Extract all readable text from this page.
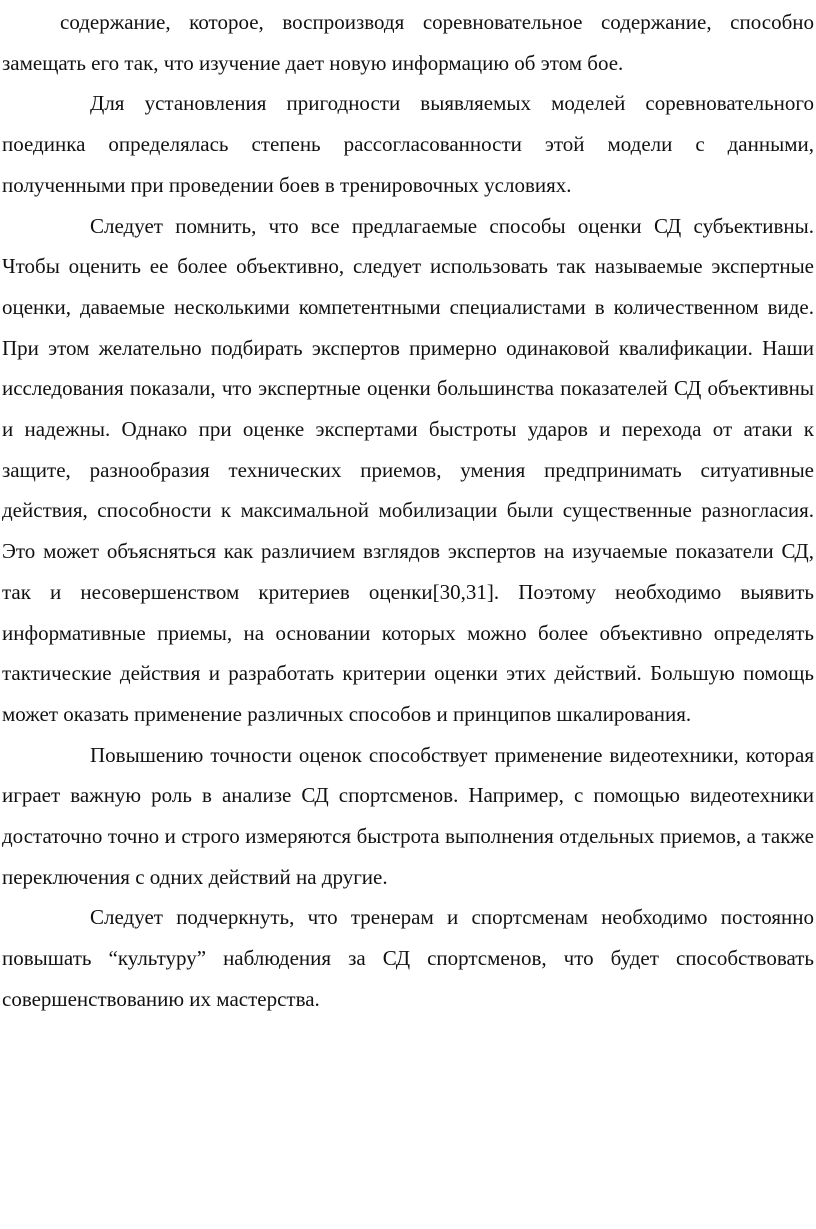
содержание, которое, воспроизводя соревновательное содержание, способно замещать его так, что изучение дает новую информацию об этом бое.

Для установления пригодности выявляемых моделей соревновательного поединка определялась степень рассогласованности этой модели с данными, полученными при проведении боев в тренировочных условиях.

Следует помнить, что все предлагаемые способы оценки СД субъективны. Чтобы оценить ее более объективно, следует использовать так называемые экспертные оценки, даваемые несколькими компетентными специалистами в количественном виде. При этом желательно подбирать экспертов примерно одинаковой квалификации. Наши исследования показали, что экспертные оценки большинства показателей СД объективны и надежны. Однако при оценке экспертами быстроты ударов и перехода от атаки к защите, разнообразия технических приемов, умения предпринимать ситуативные действия, способности к максимальной мобилизации были существенные разногласия. Это может объясняться как различием взглядов экспертов на изучаемые показатели СД, так и несовершенством критериев оценки[30,31]. Поэтому необходимо выявить информативные приемы, на основании которых можно более объективно определять тактические действия и разработать критерии оценки этих действий. Большую помощь может оказать применение различных способов и принципов шкалирования.

Повышению точности оценок способствует применение видеотехники, которая играет важную роль в анализе СД спортсменов. Например, с помощью видеотехники достаточно точно и строго измеряются быстрота выполнения отдельных приемов, а также переключения с одних действий на другие.

Следует подчеркнуть, что тренерам и спортсменам необходимо постоянно повышать “культуру” наблюдения за СД спортсменов, что будет способствовать совершенствованию их мастерства.
